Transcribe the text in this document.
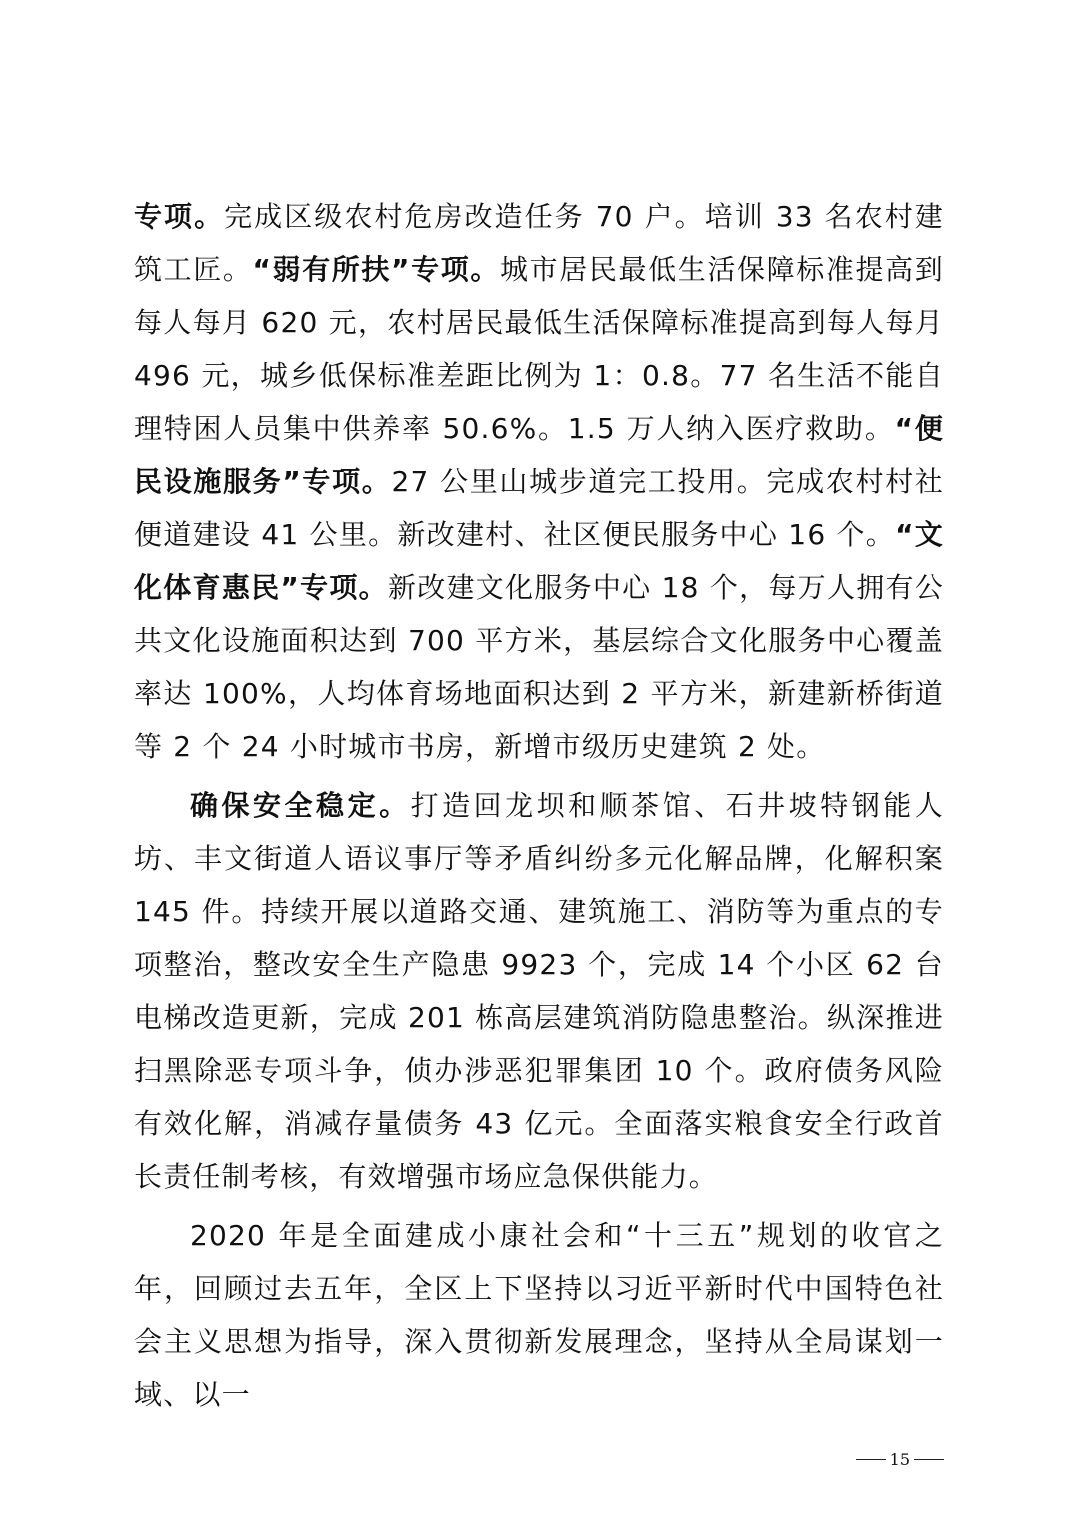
专项。完成区级农村危房改造任务 70 户。培训 33 名农村建筑工匠。“弱有所扶”专项。城市居民最低生活保障标准提高到每人每月 620 元，农村居民最低生活保障标准提高到每人每月 496 元，城乡低保标准差距比例为 1：0.8。77 名生活不能自理特困人员集中供养率 50.6%。1.5 万人纳入医疗救助。“便民设施服务”专项。27 公里山城步道完工投用。完成农村村社便道建设 41 公里。新改建村、社区便民服务中心 16 个。“文化体育惠民”专项。新改建文化服务中心 18 个，每万人拥有公共文化设施面积达到 700 平方米，基层综合文化服务中心覆盖率达 100%，人均体育场地面积达到 2 平方米，新建新桥街道等 2 个 24 小时城市书房，新增市级历史建筑 2 处。

确保安全稳定。打造回龙坝和顺茶馆、石井坡特钢能人坊、丰文街道人语议事厅等矛盾纠纷多元化解品牌，化解积案 145 件。持续开展以道路交通、建筑施工、消防等为重点的专项整治，整改安全生产隐患 9923 个，完成 14 个小区 62 台电梯改造更新，完成 201 栋高层建筑消防隐患整治。纵深推进扫黑除恶专项斗争，侦办涉恶犯罪集团 10 个。政府债务风险有效化解，消减存量债务 43 亿元。全面落实粮食安全行政首长责任制考核，有效增强市场应急保供能力。

2020 年是全面建成小康社会和“十三五”规划的收官之年，回顾过去五年，全区上下坚持以习近平新时代中国特色社会主义思想为指导，深入贯彻新发展理念，坚持从全局谋划一域、以一

15
